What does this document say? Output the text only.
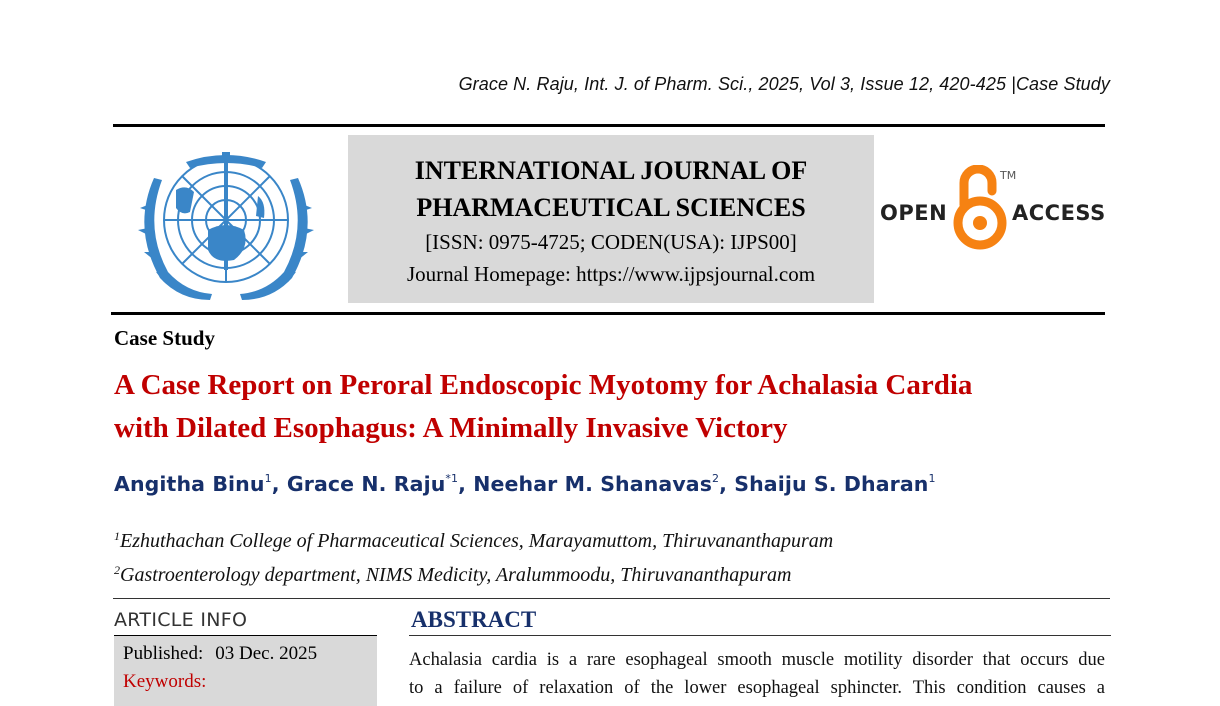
Grace N. Raju, Int. J. of Pharm. Sci., 2025, Vol 3, Issue 12, 420-425 |Case Study
INTERNATIONAL JOURNAL OF
PHARMACEUTICAL SCIENCES
[ISSN: 0975-4725; CODEN(USA): IJPS00]
Journal Homepage: https://www.ijpsjournal.com
OPEN
TM
ACCESS
Case Study
A Case Report on Peroral Endoscopic Myotomy for Achalasia Cardia
with Dilated Esophagus: A Minimally Invasive Victory
Angitha Binu$^1$, Grace N. Raju$^{*1}$, Neehar M. Shanavas$^2$, Shaiju S. Dharan$^1$
$^1$Ezhuthachan College of Pharmaceutical Sciences, Marayamuttom, Thiruvananthapuram
$^2$Gastroenterology department, NIMS Medicity, Aralummoodu, Thiruvananthapuram
ARTICLE INFO
Published: 03 Dec. 2025
Keywords:
ABSTRACT

Achalasia cardia is a rare esophageal smooth muscle motility disorder that occurs due

to a failure of relaxation of the lower esophageal sphincter. This condition causes a
